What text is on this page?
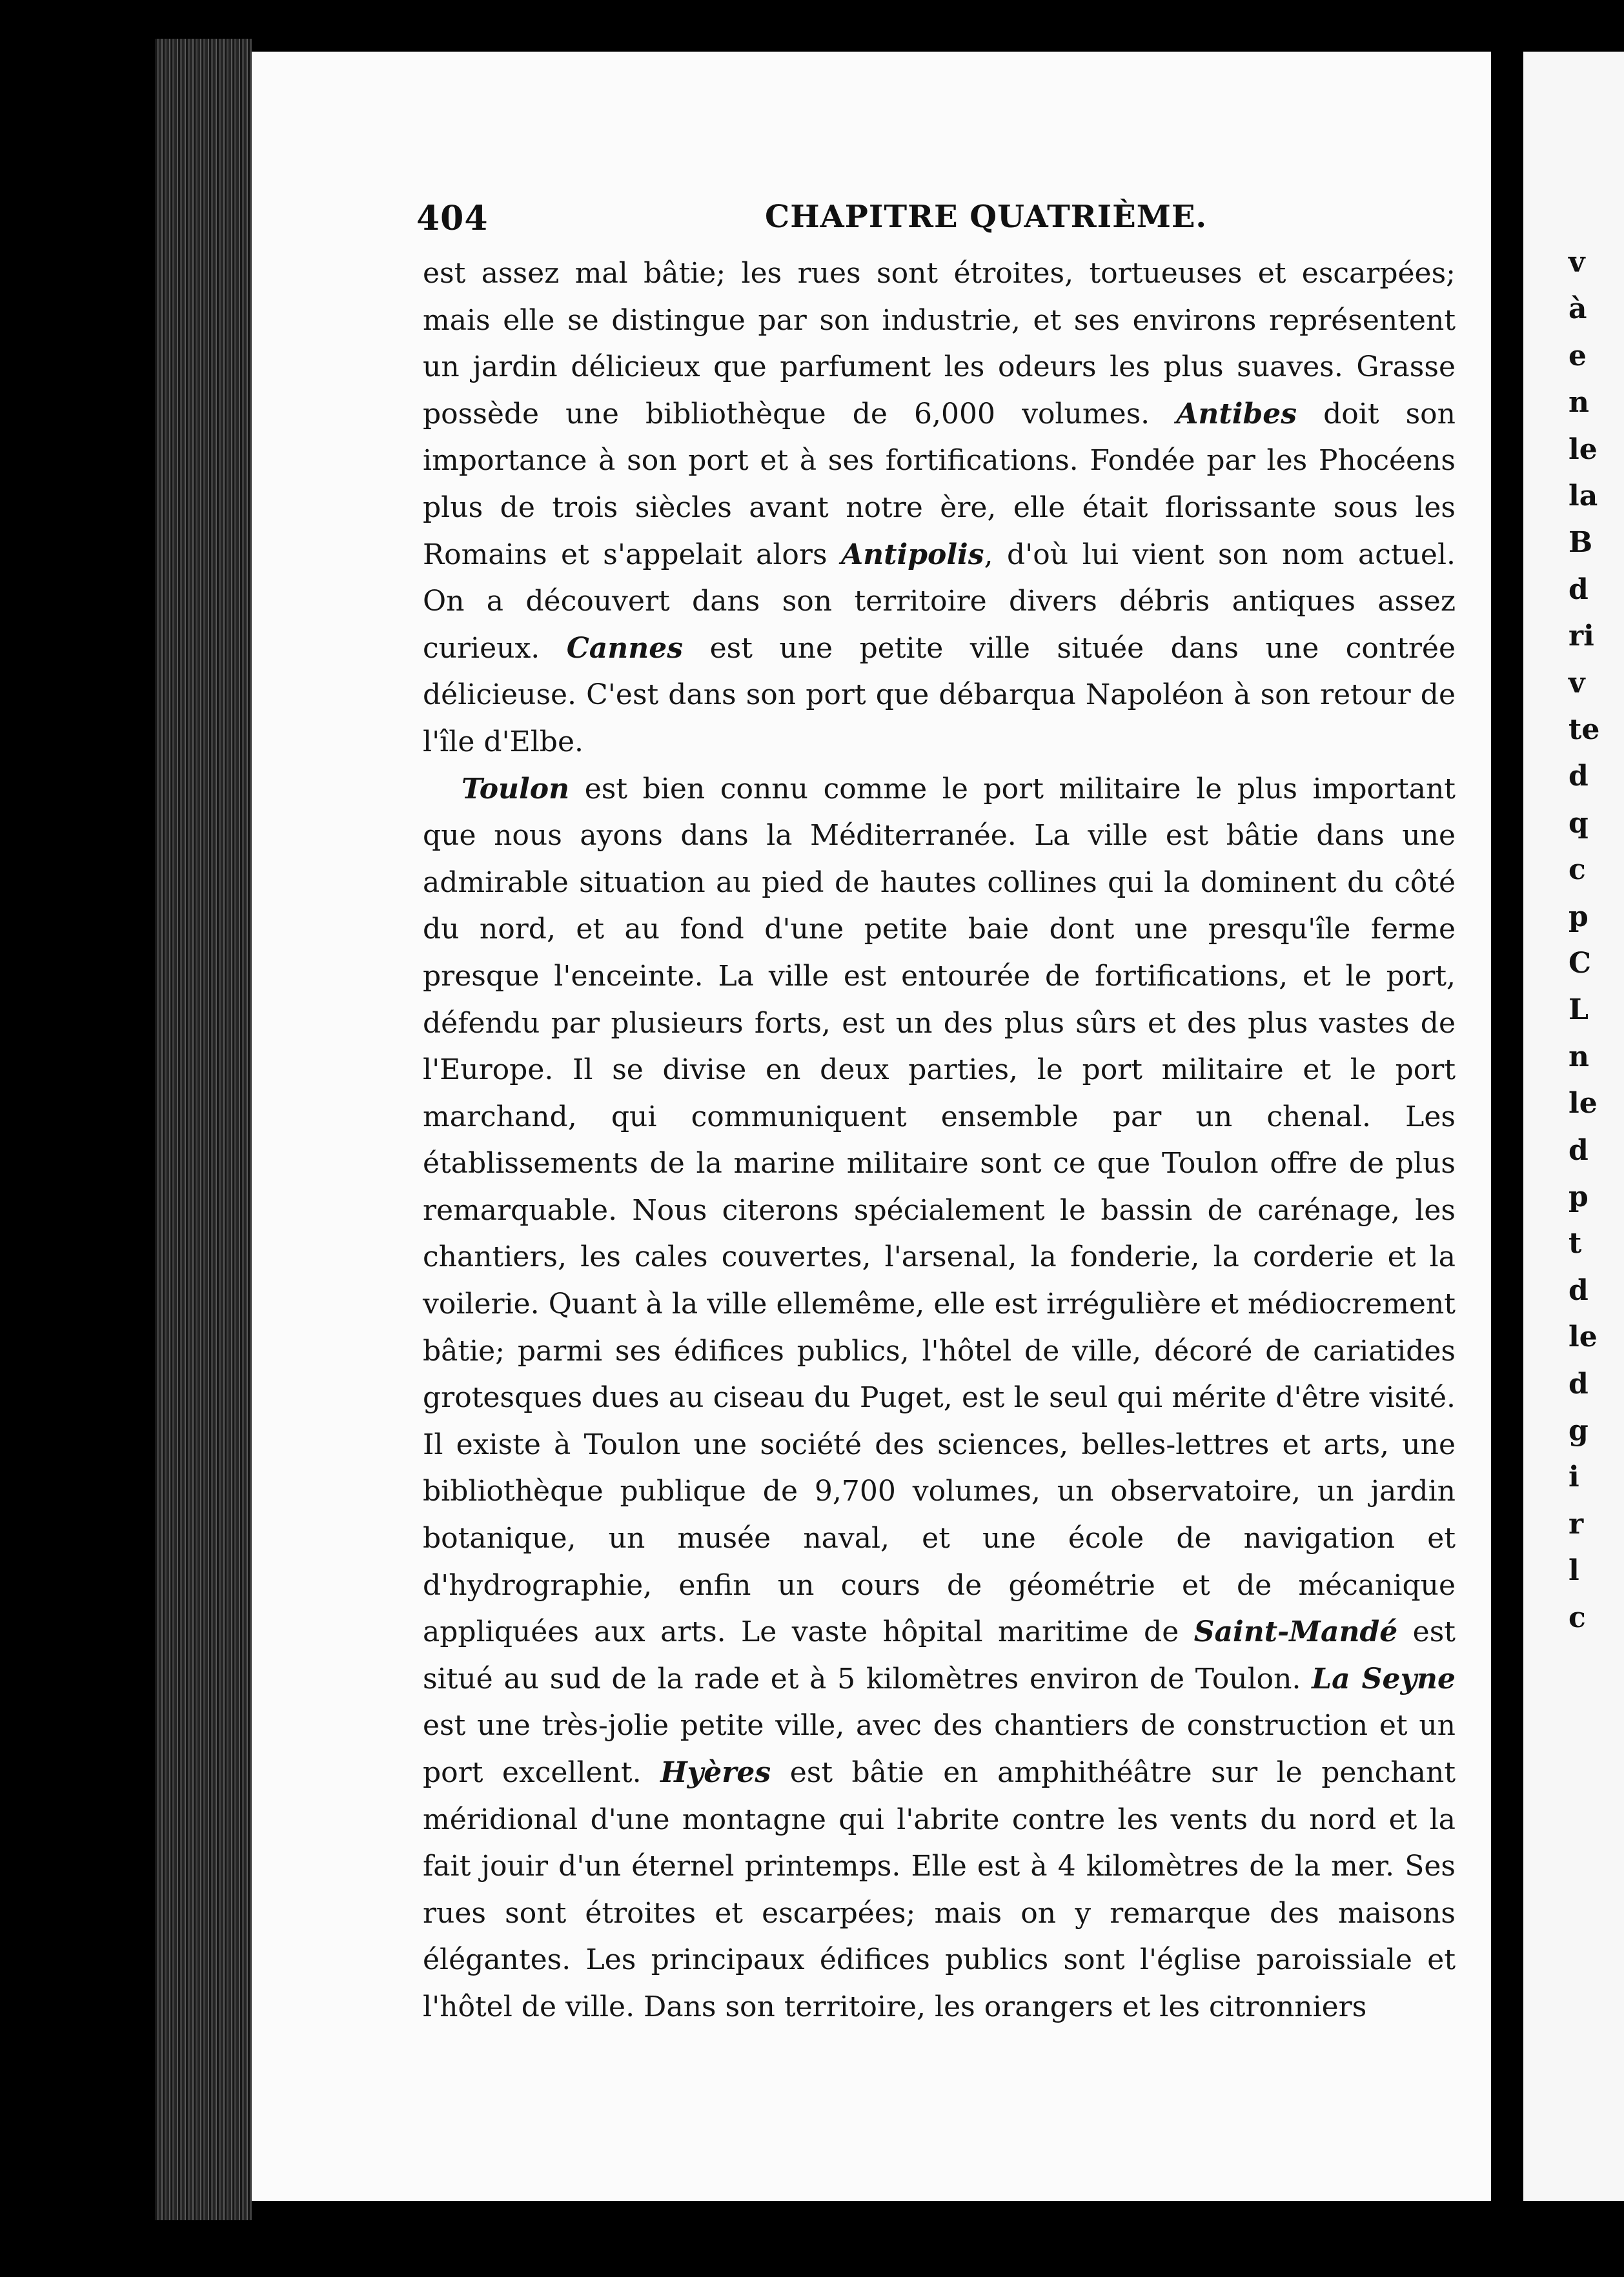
404	CHAPITRE QUATRIÈME.

est assez mal bâtie; les rues sont étroites, tortueuses et escarpées; mais elle se distingue par son industrie, et ses environs représentent un jardin délicieux que parfument les odeurs les plus suaves. Grasse possède une bibliothèque de 6,000 volumes. Antibes doit son importance à son port et à ses fortifications. Fondée par les Phocéens plus de trois siècles avant notre ère, elle était florissante sous les Romains et s'appelait alors Antipolis, d'où lui vient son nom actuel. On a découvert dans son territoire divers débris antiques assez curieux. Cannes est une petite ville située dans une contrée délicieuse. C'est dans son port que débarqua Napoléon à son retour de l'île d'Elbe.

Toulon est bien connu comme le port militaire le plus important que nous ayons dans la Méditerranée. La ville est bâtie dans une admirable situation au pied de hautes collines qui la dominent du côté du nord, et au fond d'une petite baie dont une presqu'île ferme presque l'enceinte. La ville est entourée de fortifications, et le port, défendu par plusieurs forts, est un des plus sûrs et des plus vastes de l'Europe. Il se divise en deux parties, le port militaire et le port marchand, qui communiquent ensemble par un chenal. Les établissements de la marine militaire sont ce que Toulon offre de plus remarquable. Nous citerons spécialement le bassin de carénage, les chantiers, les cales couvertes, l'arsenal, la fonderie, la corderie et la voilerie. Quant à la ville ellemême, elle est irrégulière et médiocrement bâtie; parmi ses édifices publics, l'hôtel de ville, décoré de cariatides grotesques dues au ciseau du Puget, est le seul qui mérite d'être visité. Il existe à Toulon une société des sciences, belles-lettres et arts, une bibliothèque publique de 9,700 volumes, un observatoire, un jardin botanique, un musée naval, et une école de navigation et d'hydrographie, enfin un cours de géométrie et de mécanique appliquées aux arts. Le vaste hôpital maritime de Saint-Mandé est situé au sud de la rade et à 5 kilomètres environ de Toulon. La Seyne est une très-jolie petite ville, avec des chantiers de construction et un port excellent. Hyères est bâtie en amphithéâtre sur le penchant méridional d'une montagne qui l'abrite contre les vents du nord et la fait jouir d'un éternel printemps. Elle est à 4 kilomètres de la mer. Ses rues sont étroites et escarpées; mais on y remarque des maisons élégantes. Les principaux édifices publics sont l'église paroissiale et l'hôtel de ville. Dans son territoire, les orangers et les citronniers

v
à
e
n
le
la
B
d
ri
v
te
d
q
c
p
C
L
n
le
d
p
t
d
le
d
g
i
r
l
c
